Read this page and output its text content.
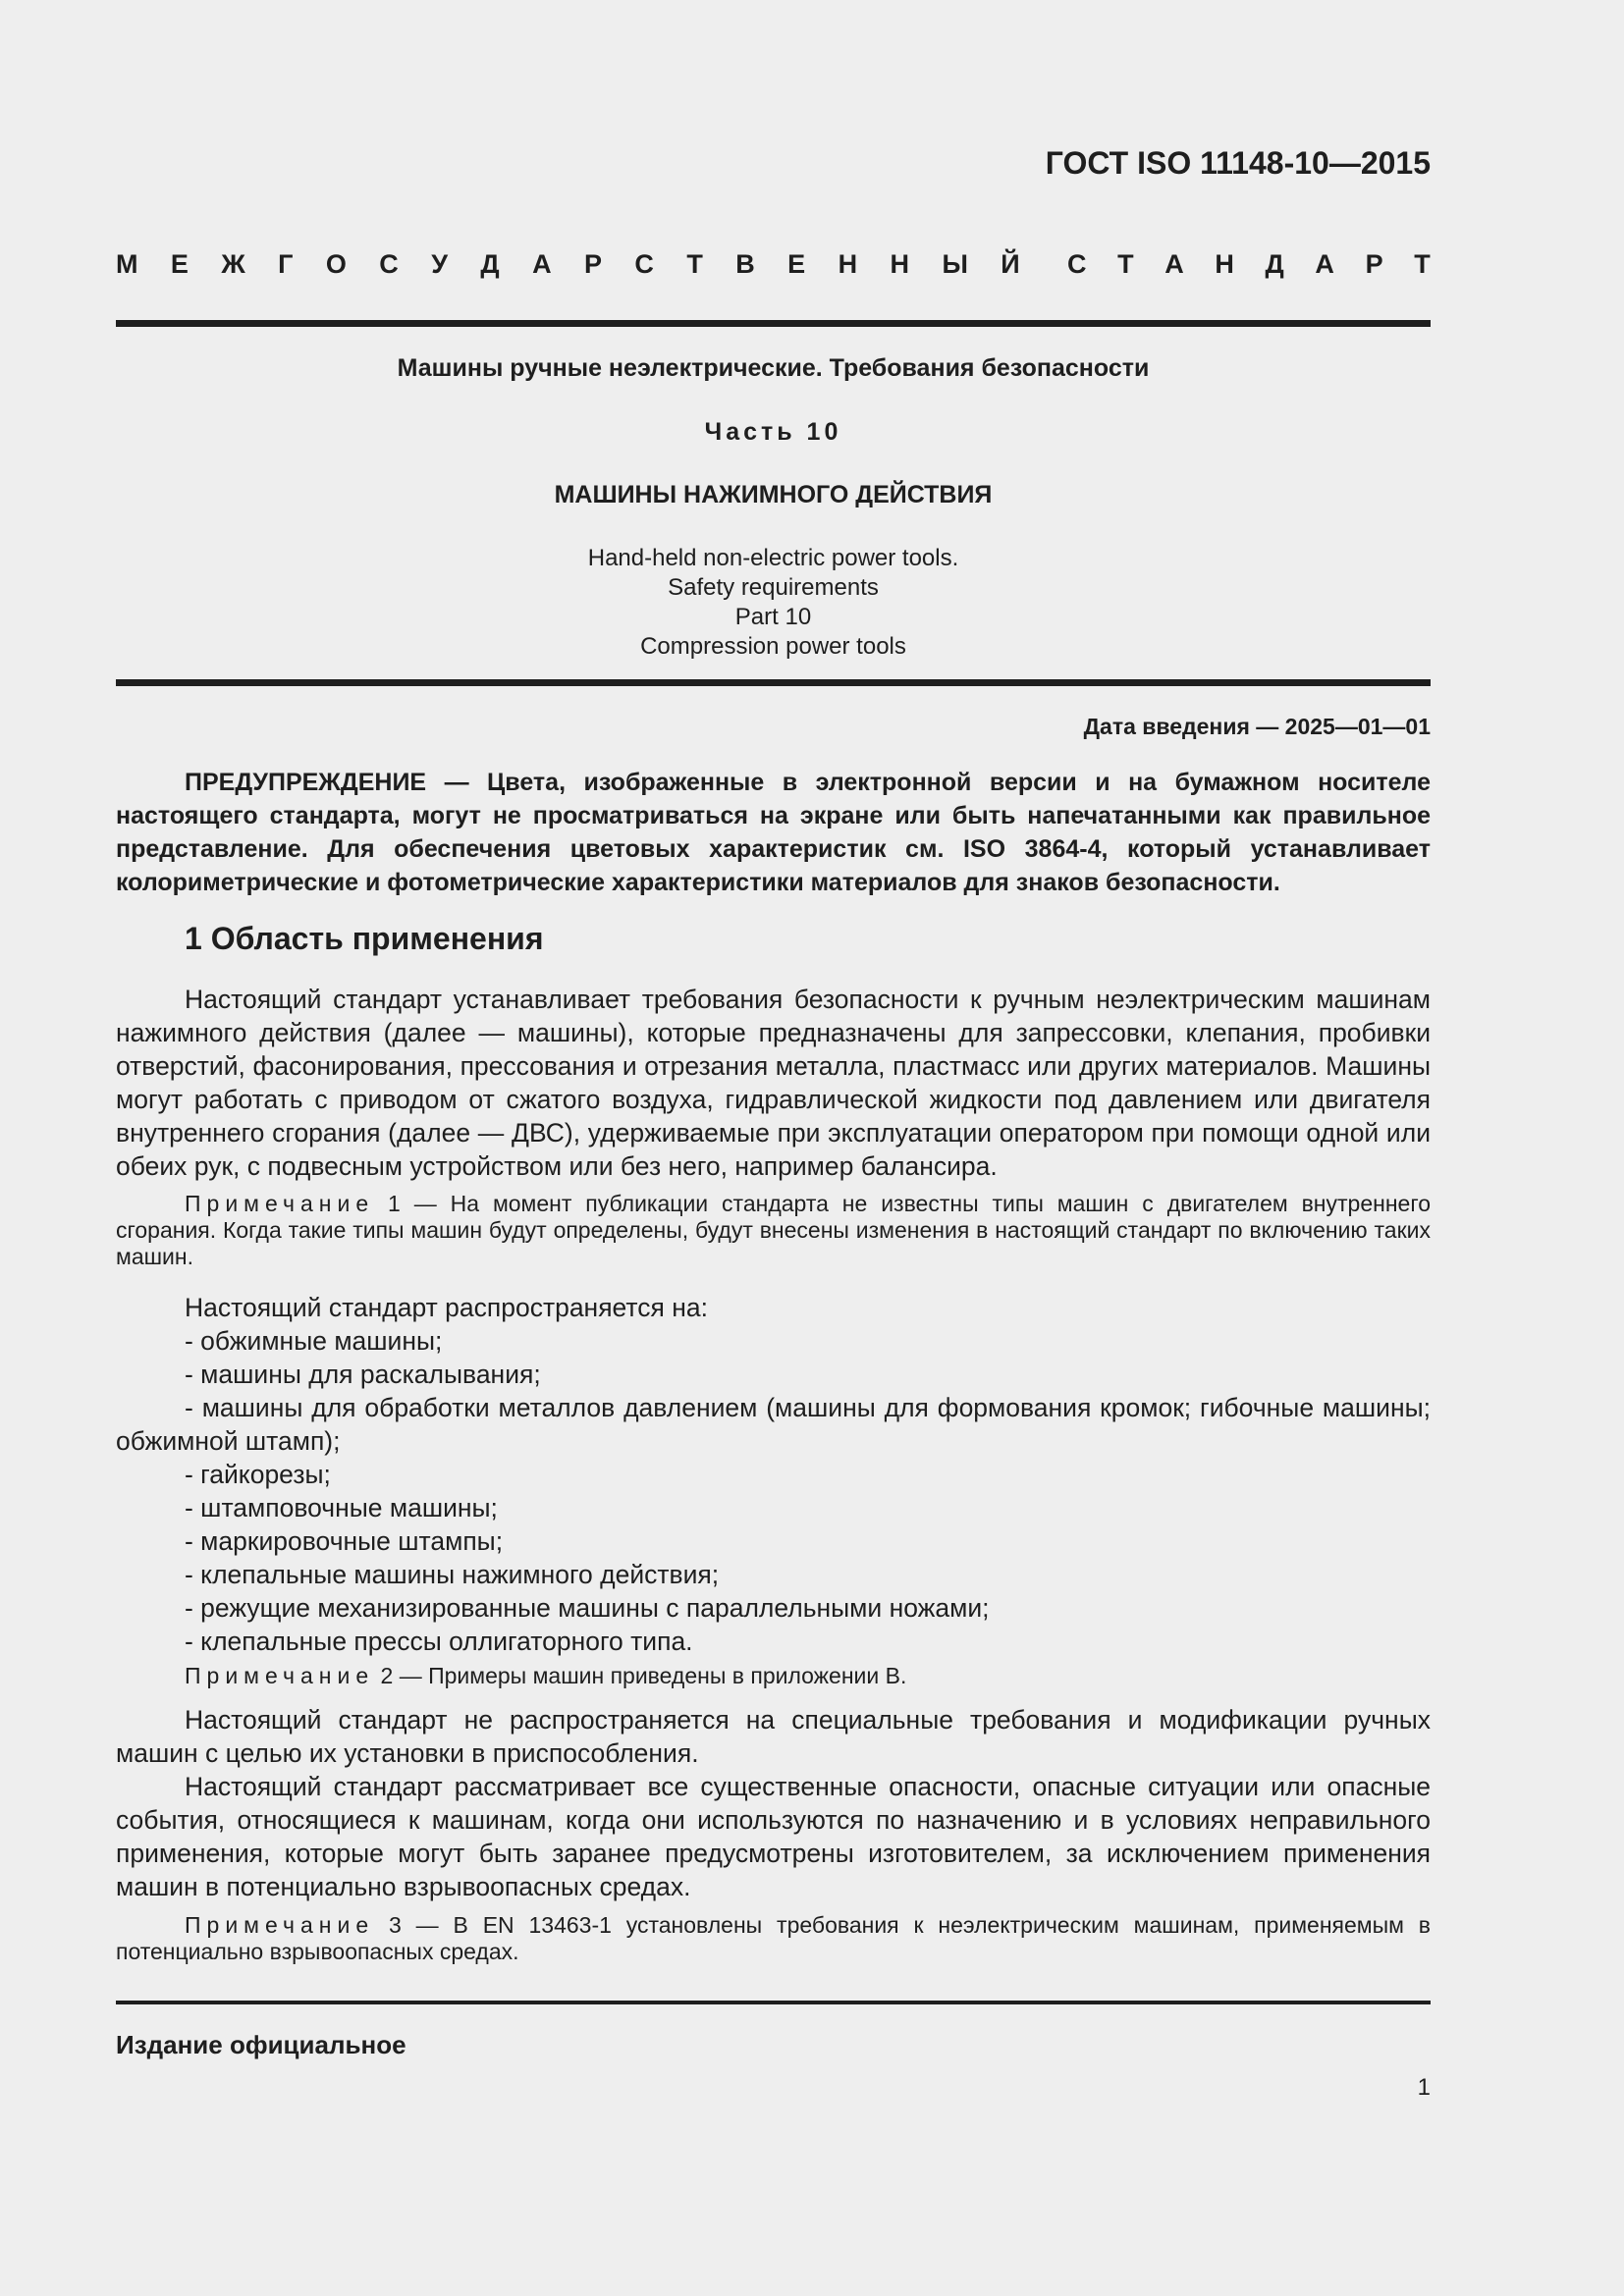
ГОСТ ISO 11148-10—2015
М Е Ж Г О С У Д А Р С Т В Е Н Н Ы Й С Т А Н Д А Р Т
Машины ручные неэлектрические. Требования безопасности
Часть 10
МАШИНЫ НАЖИМНОГО ДЕЙСТВИЯ
Hand-held non-electric power tools.
Safety requirements
Part 10
Compression power tools
Дата введения — 2025—01—01

ПРЕДУПРЕЖДЕНИЕ — Цвета, изображенные в электронной версии и на бумажном носителе настоящего стандарта, могут не просматриваться на экране или быть напечатанными как правильное представление. Для обеспечения цветовых характеристик см. ISO 3864-4, который устанавливает колориметрические и фотометрические характеристики материалов для знаков безопасности.

1 Область применения

Настоящий стандарт устанавливает требования безопасности к ручным неэлектрическим машинам нажимного действия (далее — машины), которые предназначены для запрессовки, клепания, пробивки отверстий, фасонирования, прессования и отрезания металла, пластмасс или других материалов. Машины могут работать с приводом от сжатого воздуха, гидравлической жидкости под давлением или двигателя внутреннего сгорания (далее — ДВС), удерживаемые при эксплуатации оператором при помощи одной или обеих рук, с подвесным устройством или без него, например балансира.

Примечание 1 — На момент публикации стандарта не известны типы машин с двигателем внутреннего сгорания. Когда такие типы машин будут определены, будут внесены изменения в настоящий стандарт по включению таких машин.

Настоящий стандарт распространяется на:

- обжимные машины;

- машины для раскалывания;

- машины для обработки металлов давлением (машины для формования кромок; гибочные машины; обжимной штамп);

- гайкорезы;

- штамповочные машины;

- маркировочные штампы;

- клепальные машины нажимного действия;

- режущие механизированные машины с параллельными ножами;

- клепальные прессы оллигаторного типа.

Примечание 2 — Примеры машин приведены в приложении В.

Настоящий стандарт не распространяется на специальные требования и модификации ручных машин с целью их установки в приспособления.

Настоящий стандарт рассматривает все существенные опасности, опасные ситуации или опасные события, относящиеся к машинам, когда они используются по назначению и в условиях неправильного применения, которые могут быть заранее предусмотрены изготовителем, за исключением применения машин в потенциально взрывоопасных средах.

Примечание 3 — В EN 13463-1 установлены требования к неэлектрическим машинам, применяемым в потенциально взрывоопасных средах.

Издание официальное
1
